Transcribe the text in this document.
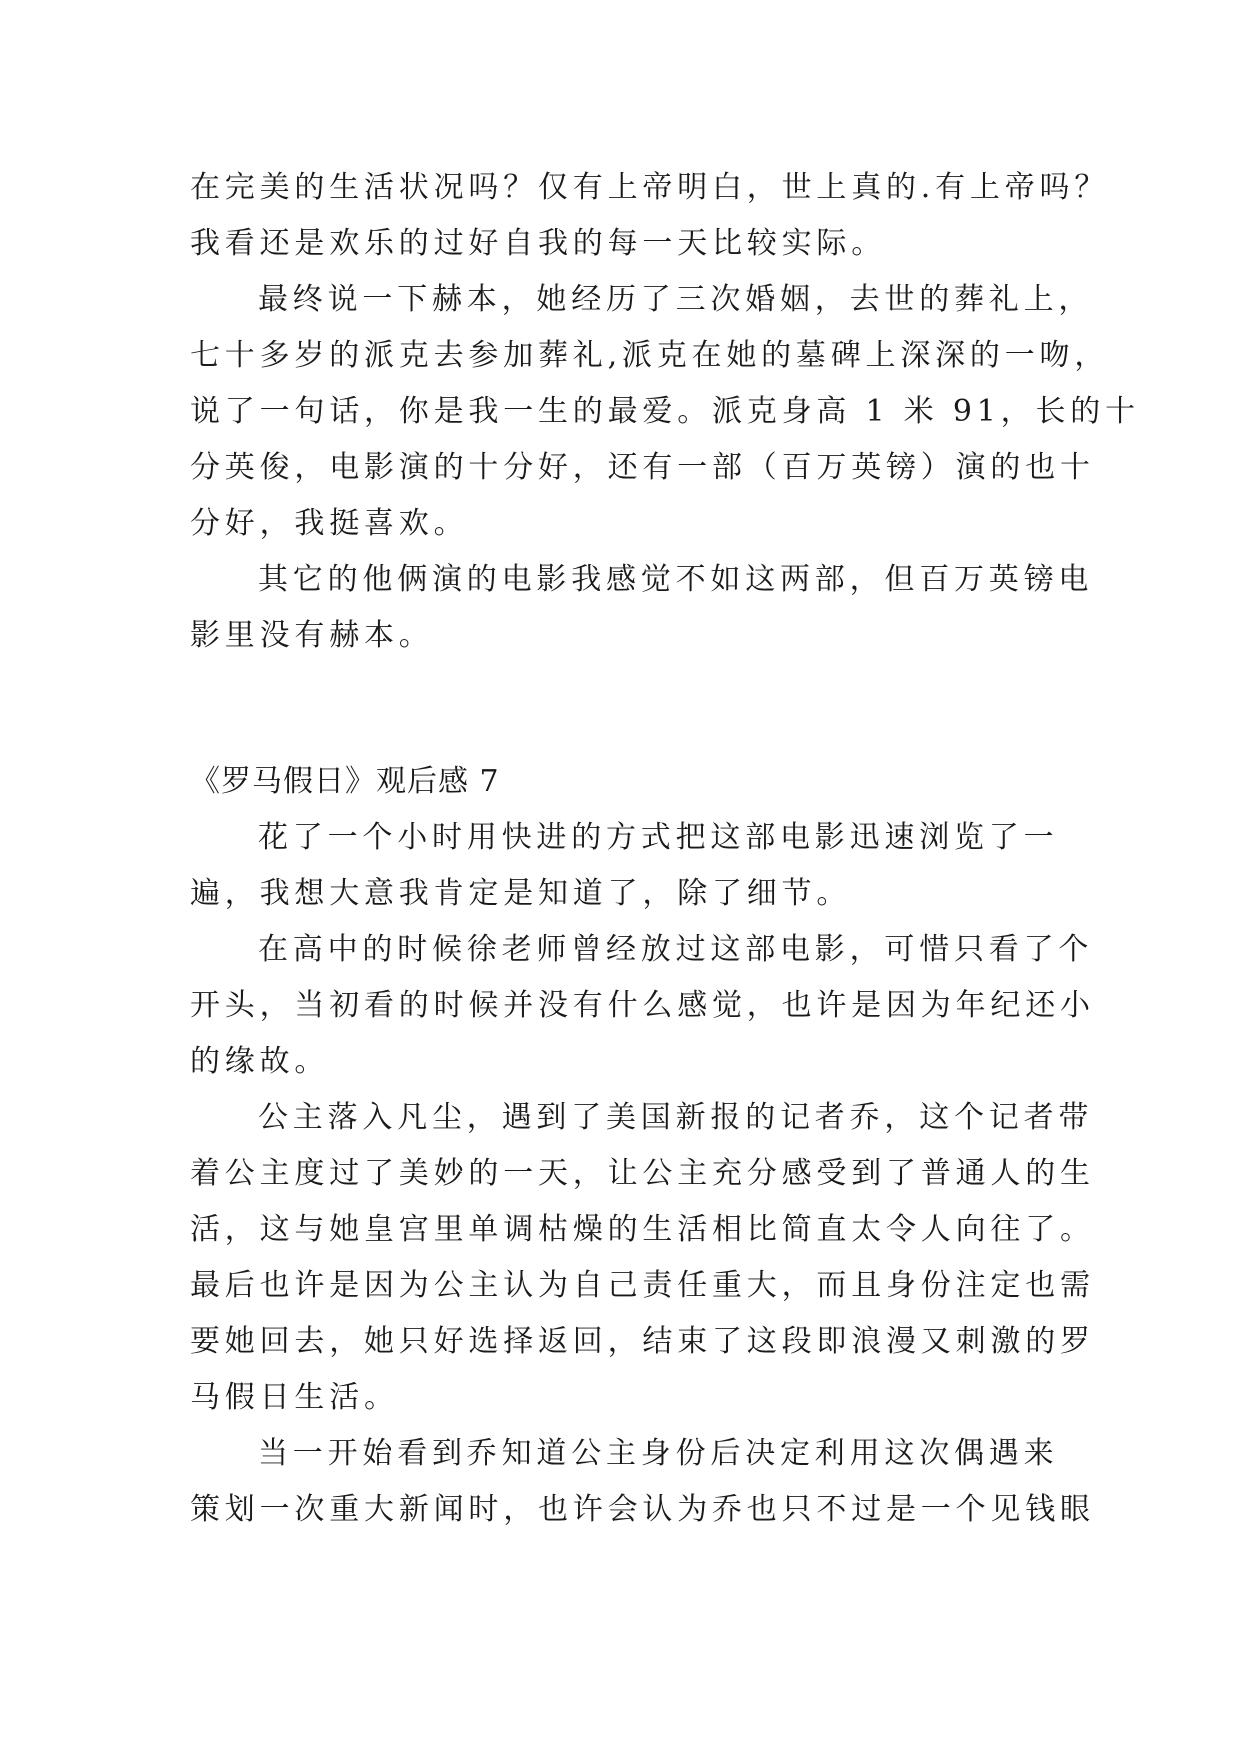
在完美的生活状况吗？仅有上帝明白，世上真的.有上帝吗？
我看还是欢乐的过好自我的每一天比较实际。
最终说一下赫本，她经历了三次婚姻，去世的葬礼上，
七十多岁的派克去参加葬礼,派克在她的墓碑上深深的一吻，
说了一句话，你是我一生的最爱。派克身高 1 米 91，长的十
分英俊，电影演的十分好，还有一部（百万英镑）演的也十
分好，我挺喜欢。
其它的他俩演的电影我感觉不如这两部，但百万英镑电
影里没有赫本。
《罗马假日》观后感 7
花了一个小时用快进的方式把这部电影迅速浏览了一
遍，我想大意我肯定是知道了，除了细节。
在高中的时候徐老师曾经放过这部电影，可惜只看了个
开头，当初看的时候并没有什么感觉，也许是因为年纪还小
的缘故。
公主落入凡尘，遇到了美国新报的记者乔，这个记者带
着公主度过了美妙的一天，让公主充分感受到了普通人的生
活，这与她皇宫里单调枯燥的生活相比简直太令人向往了。
最后也许是因为公主认为自己责任重大，而且身份注定也需
要她回去，她只好选择返回，结束了这段即浪漫又刺激的罗
马假日生活。
当一开始看到乔知道公主身份后决定利用这次偶遇来
策划一次重大新闻时，也许会认为乔也只不过是一个见钱眼
